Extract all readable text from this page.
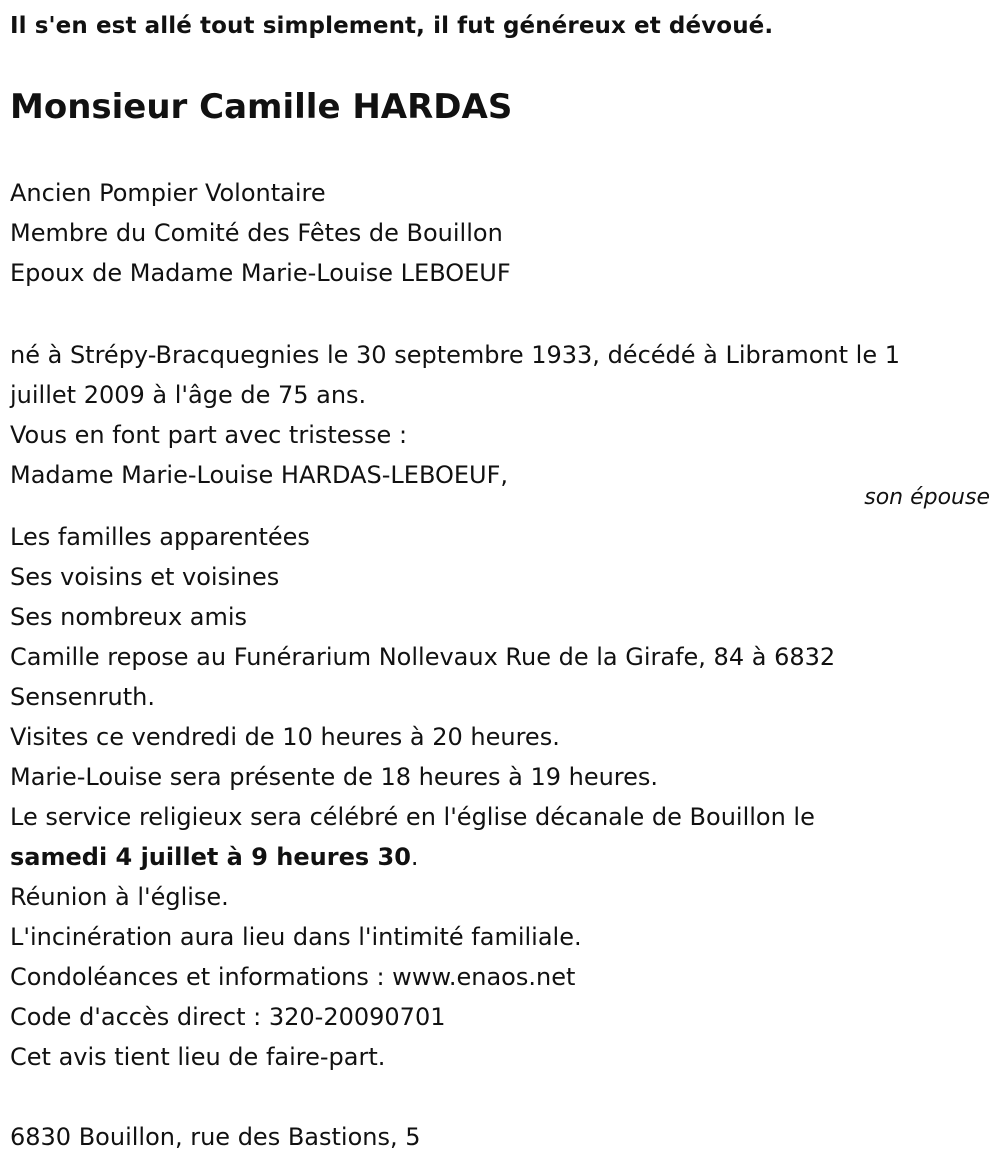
Il s'en est allé tout simplement, il fut généreux et dévoué.
Monsieur Camille HARDAS
Ancien Pompier Volontaire
Membre du Comité des Fêtes de Bouillon
Epoux de Madame Marie-Louise LEBOEUF
né à Strépy-Bracquegnies le 30 septembre 1933, décédé à Libramont le 1
juillet 2009 à l'âge de 75 ans.
Vous en font part avec tristesse :
Madame Marie-Louise HARDAS-LEBOEUF,
son épouse
Les familles apparentées
Ses voisins et voisines
Ses nombreux amis
Camille repose au Funérarium Nollevaux Rue de la Girafe, 84 à 6832
Sensenruth.
Visites ce vendredi de 10 heures à 20 heures.
Marie-Louise sera présente de 18 heures à 19 heures.
Le service religieux sera célébré en l'église décanale de Bouillon le
samedi 4 juillet à 9 heures 30.
Réunion à l'église.
L'incinération aura lieu dans l'intimité familiale.
Condoléances et informations : www.enaos.net
Code d'accès direct : 320-20090701
Cet avis tient lieu de faire-part.
6830 Bouillon, rue des Bastions, 5
